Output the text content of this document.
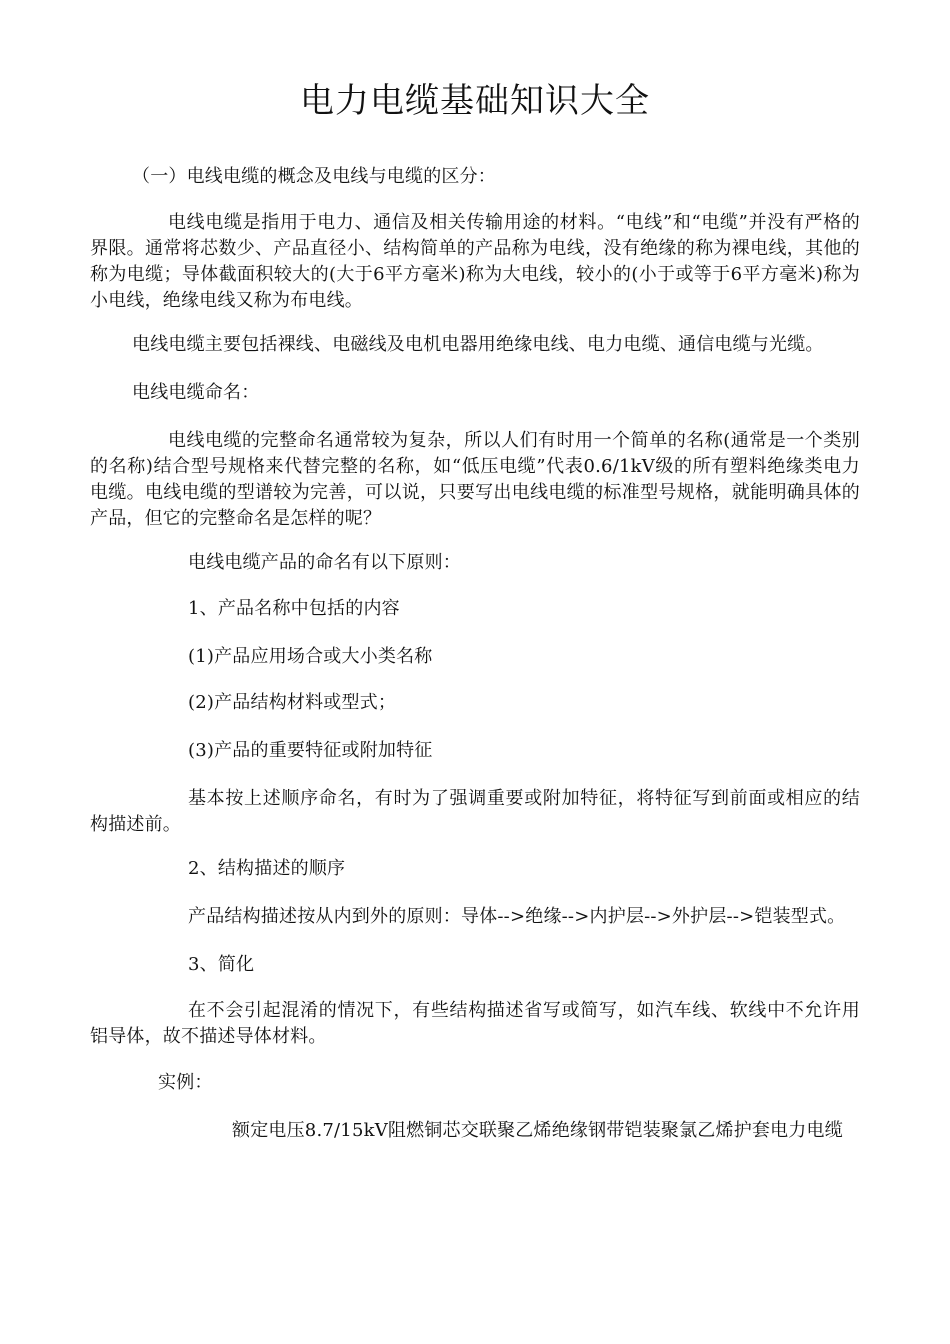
电力电缆基础知识大全

（一）电线电缆的概念及电线与电缆的区分：

电线电缆是指用于电力、通信及相关传输用途的材料。“电线”和“电缆”并没有严格的界限。通常将芯数少、产品直径小、结构简单的产品称为电线，没有绝缘的称为裸电线，其他的称为电缆；导体截面积较大的(大于6平方毫米)称为大电线，较小的(小于或等于6平方毫米)称为小电线，绝缘电线又称为布电线。

电线电缆主要包括裸线、电磁线及电机电器用绝缘电线、电力电缆、通信电缆与光缆。

电线电缆命名：

电线电缆的完整命名通常较为复杂，所以人们有时用一个简单的名称(通常是一个类别的名称)结合型号规格来代替完整的名称，如“低压电缆”代表0.6/1kV级的所有塑料绝缘类电力电缆。电线电缆的型谱较为完善，可以说，只要写出电线电缆的标准型号规格，就能明确具体的产品，但它的完整命名是怎样的呢？

电线电缆产品的命名有以下原则：

1、产品名称中包括的内容

(1)产品应用场合或大小类名称

(2)产品结构材料或型式；

(3)产品的重要特征或附加特征

基本按上述顺序命名，有时为了强调重要或附加特征，将特征写到前面或相应的结构描述前。

2、结构描述的顺序

产品结构描述按从内到外的原则：导体-->绝缘-->内护层-->外护层-->铠装型式。

3、简化

在不会引起混淆的情况下，有些结构描述省写或简写，如汽车线、软线中不允许用铝导体，故不描述导体材料。

实例：

额定电压8.7/15kV阻燃铜芯交联聚乙烯绝缘钢带铠装聚氯乙烯护套电力电缆
